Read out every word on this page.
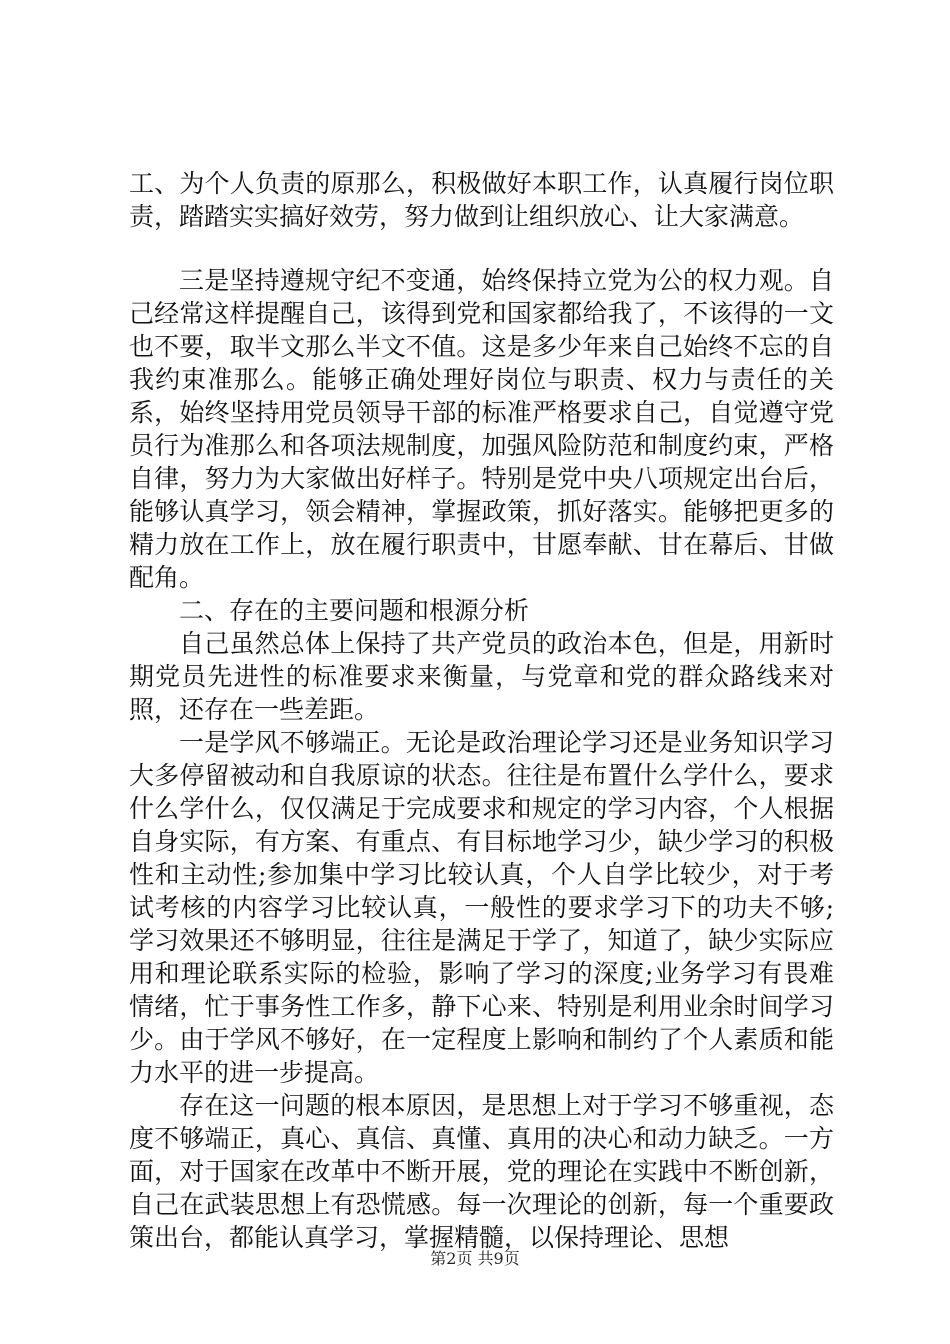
工、为个人负责的原那么，积极做好本职工作，认真履行岗位职责，踏踏实实搞好效劳，努力做到让组织放心、让大家满意。

三是坚持遵规守纪不变通，始终保持立党为公的权力观。自己经常这样提醒自己，该得到党和国家都给我了，不该得的一文也不要，取半文那么半文不值。这是多少年来自己始终不忘的自我约束准那么。能够正确处理好岗位与职责、权力与责任的关系，始终坚持用党员领导干部的标准严格要求自己，自觉遵守党员行为准那么和各项法规制度，加强风险防范和制度约束，严格自律，努力为大家做出好样子。特别是党中央八项规定出台后，能够认真学习，领会精神，掌握政策，抓好落实。能够把更多的精力放在工作上，放在履行职责中，甘愿奉献、甘在幕后、甘做配角。

二、存在的主要问题和根源分析

自己虽然总体上保持了共产党员的政治本色，但是，用新时期党员先进性的标准要求来衡量，与党章和党的群众路线来对照，还存在一些差距。

一是学风不够端正。无论是政治理论学习还是业务知识学习大多停留被动和自我原谅的状态。往往是布置什么学什么，要求什么学什么，仅仅满足于完成要求和规定的学习内容，个人根据自身实际，有方案、有重点、有目标地学习少，缺少学习的积极性和主动性;参加集中学习比较认真，个人自学比较少，对于考试考核的内容学习比较认真，一般性的要求学习下的功夫不够;学习效果还不够明显，往往是满足于学了，知道了，缺少实际应用和理论联系实际的检验，影响了学习的深度;业务学习有畏难情绪，忙于事务性工作多，静下心来、特别是利用业余时间学习少。由于学风不够好，在一定程度上影响和制约了个人素质和能力水平的进一步提高。

存在这一问题的根本原因，是思想上对于学习不够重视，态度不够端正，真心、真信、真懂、真用的决心和动力缺乏。一方面，对于国家在改革中不断开展，党的理论在实践中不断创新，自己在武装思想上有恐慌感。每一次理论的创新，每一个重要政策出台，都能认真学习，掌握精髓，以保持理论、思想

第2页 共9页
